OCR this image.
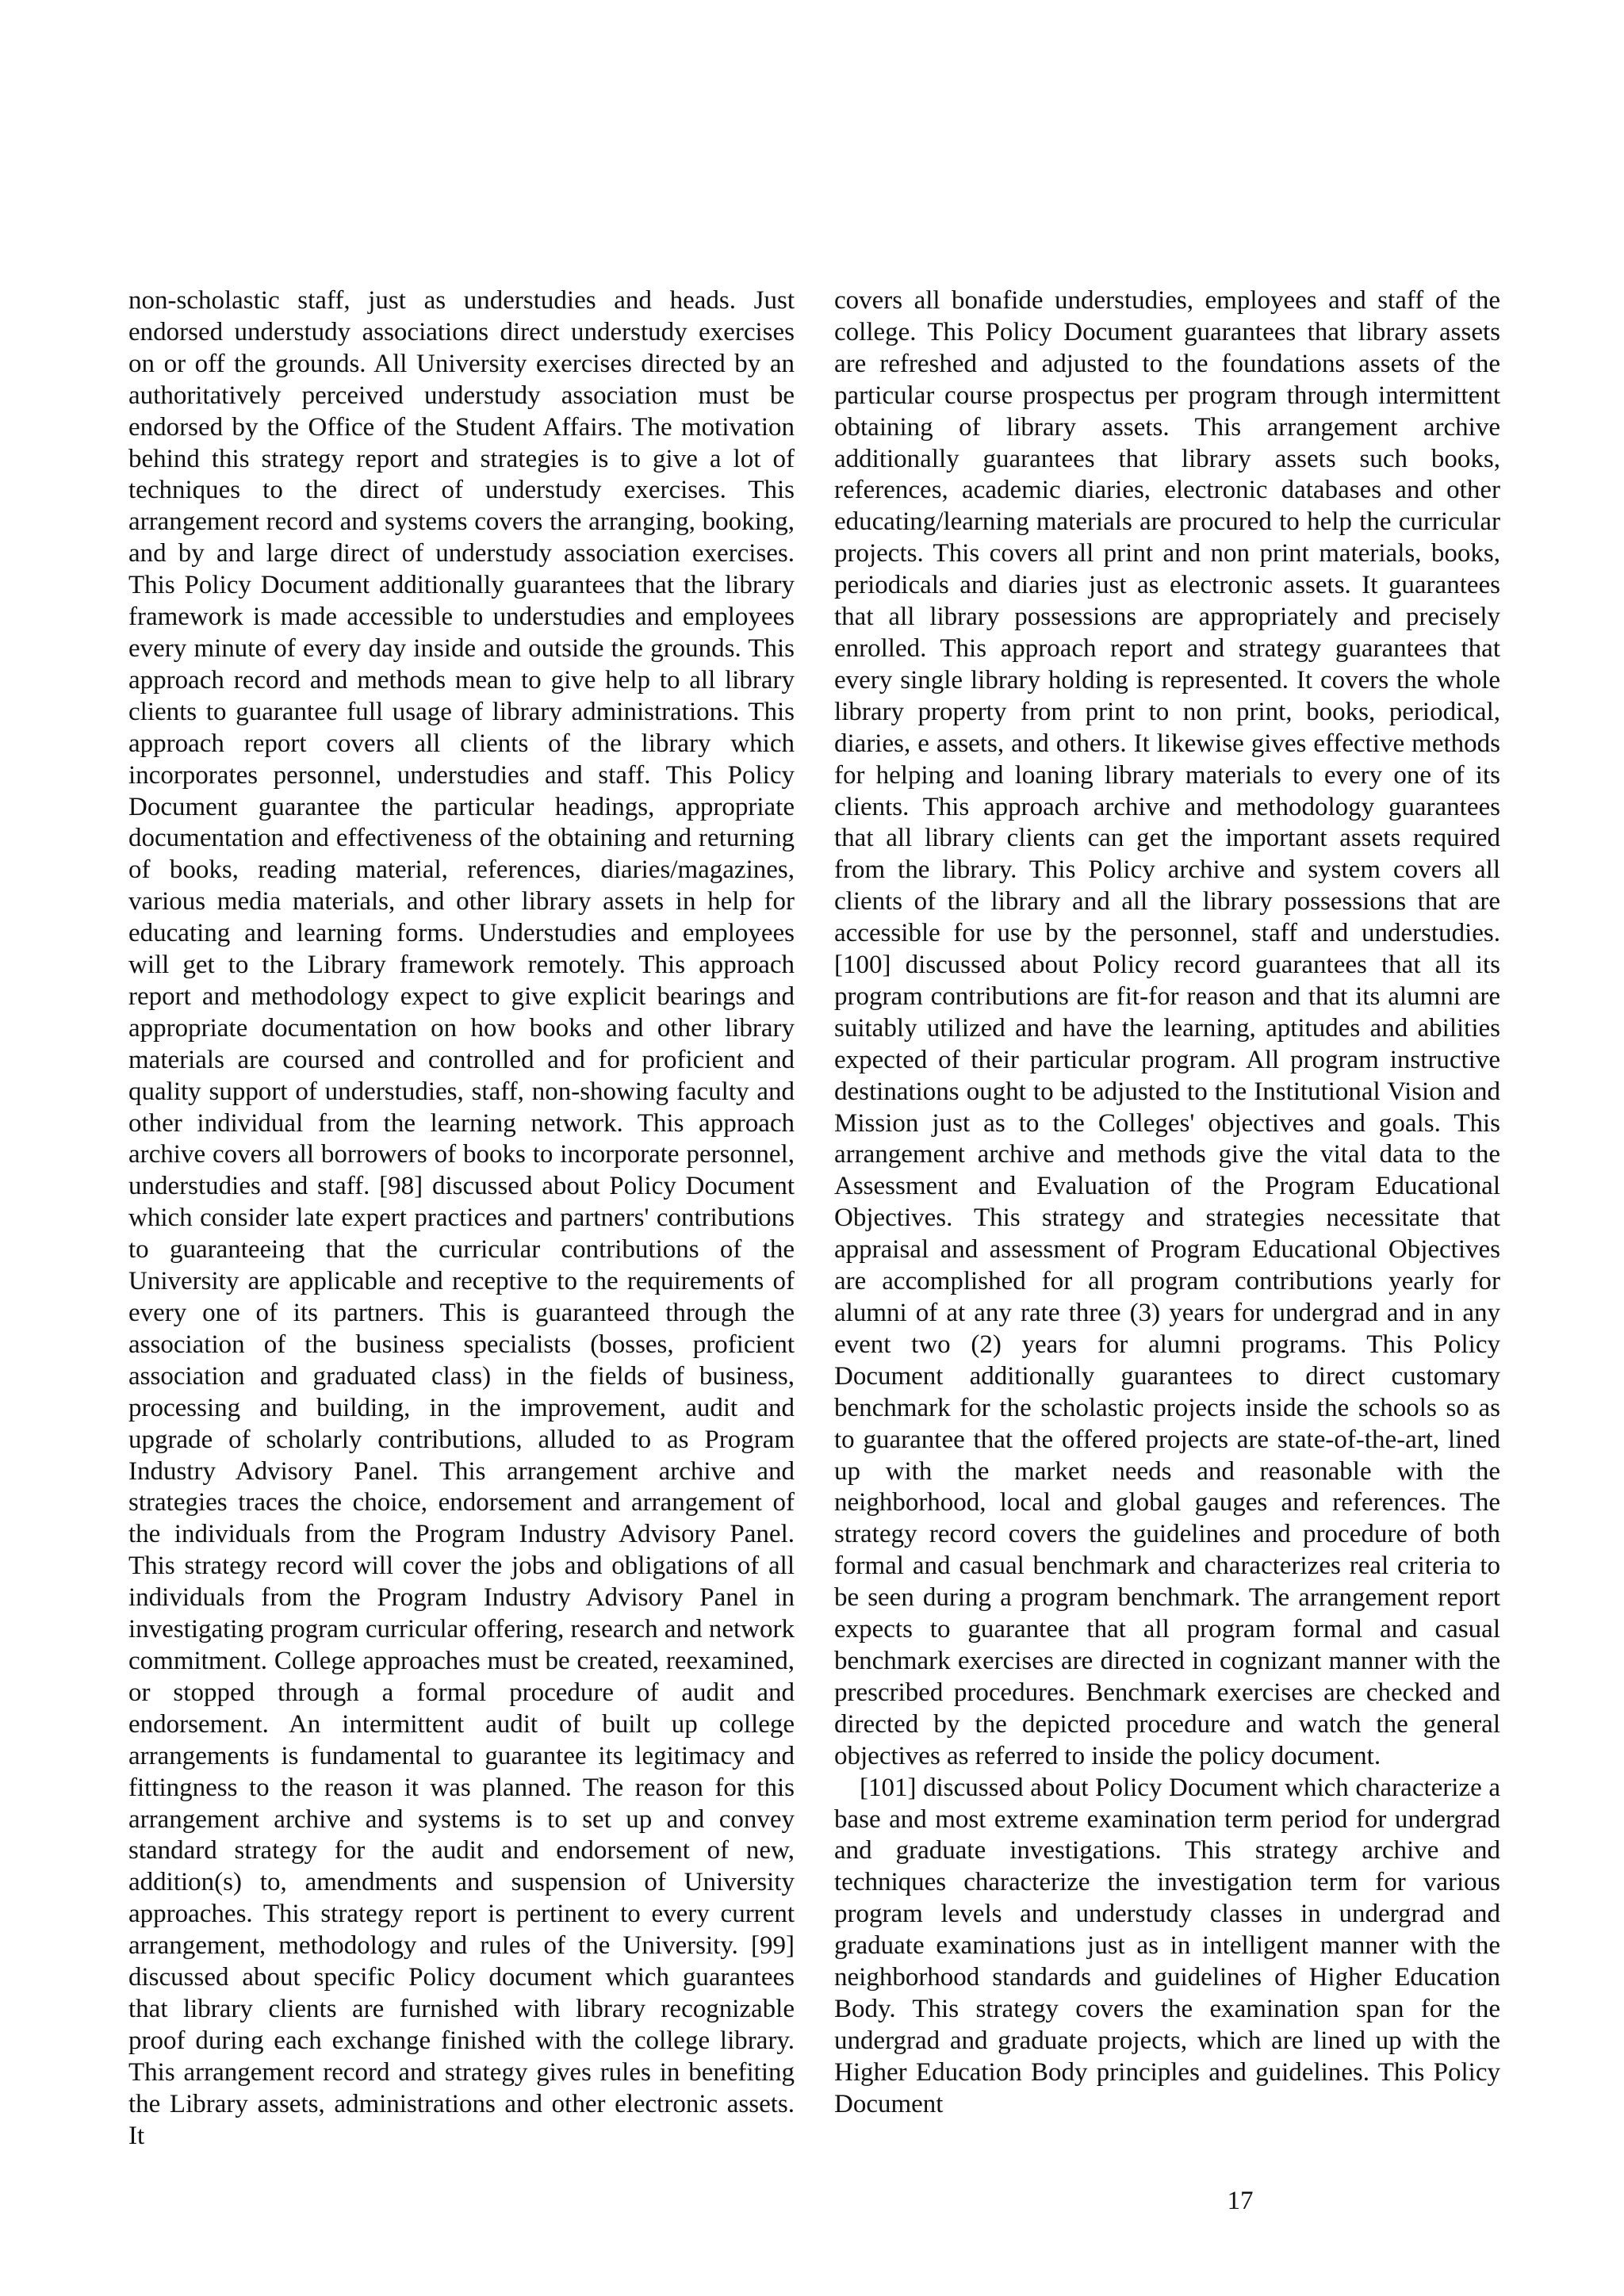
non-scholastic staff, just as understudies and heads. Just endorsed understudy associations direct understudy exercises on or off the grounds. All University exercises directed by an authoritatively perceived understudy association must be endorsed by the Office of the Student Affairs. The motivation behind this strategy report and strategies is to give a lot of techniques to the direct of understudy exercises. This arrangement record and systems covers the arranging, booking, and by and large direct of understudy association exercises. This Policy Document additionally guarantees that the library framework is made accessible to understudies and employees every minute of every day inside and outside the grounds. This approach record and methods mean to give help to all library clients to guarantee full usage of library administrations. This approach report covers all clients of the library which incorporates personnel, understudies and staff. This Policy Document guarantee the particular headings, appropriate documentation and effectiveness of the obtaining and returning of books, reading material, references, diaries/magazines, various media materials, and other library assets in help for educating and learning forms. Understudies and employees will get to the Library framework remotely. This approach report and methodology expect to give explicit bearings and appropriate documentation on how books and other library materials are coursed and controlled and for proficient and quality support of understudies, staff, non-showing faculty and other individual from the learning network. This approach archive covers all borrowers of books to incorporate personnel, understudies and staff. [98] discussed about Policy Document which consider late expert practices and partners' contributions to guaranteeing that the curricular contributions of the University are applicable and receptive to the requirements of every one of its partners. This is guaranteed through the association of the business specialists (bosses, proficient association and graduated class) in the fields of business, processing and building, in the improvement, audit and upgrade of scholarly contributions, alluded to as Program Industry Advisory Panel. This arrangement archive and strategies traces the choice, endorsement and arrangement of the individuals from the Program Industry Advisory Panel. This strategy record will cover the jobs and obligations of all individuals from the Program Industry Advisory Panel in investigating program curricular offering, research and network commitment. College approaches must be created, reexamined, or stopped through a formal procedure of audit and endorsement. An intermittent audit of built up college arrangements is fundamental to guarantee its legitimacy and fittingness to the reason it was planned. The reason for this arrangement archive and systems is to set up and convey standard strategy for the audit and endorsement of new, addition(s) to, amendments and suspension of University approaches. This strategy report is pertinent to every current arrangement, methodology and rules of the University. [99] discussed about specific Policy document which guarantees that library clients are furnished with library recognizable proof during each exchange finished with the college library. This arrangement record and strategy gives rules in benefiting the Library assets, administrations and other electronic assets. It

covers all bonafide understudies, employees and staff of the college. This Policy Document guarantees that library assets are refreshed and adjusted to the foundations assets of the particular course prospectus per program through intermittent obtaining of library assets. This arrangement archive additionally guarantees that library assets such books, references, academic diaries, electronic databases and other educating/learning materials are procured to help the curricular projects. This covers all print and non print materials, books, periodicals and diaries just as electronic assets. It guarantees that all library possessions are appropriately and precisely enrolled. This approach report and strategy guarantees that every single library holding is represented. It covers the whole library property from print to non print, books, periodical, diaries, e assets, and others. It likewise gives effective methods for helping and loaning library materials to every one of its clients. This approach archive and methodology guarantees that all library clients can get the important assets required from the library. This Policy archive and system covers all clients of the library and all the library possessions that are accessible for use by the personnel, staff and understudies. [100] discussed about Policy record guarantees that all its program contributions are fit-for reason and that its alumni are suitably utilized and have the learning, aptitudes and abilities expected of their particular program. All program instructive destinations ought to be adjusted to the Institutional Vision and Mission just as to the Colleges' objectives and goals. This arrangement archive and methods give the vital data to the Assessment and Evaluation of the Program Educational Objectives. This strategy and strategies necessitate that appraisal and assessment of Program Educational Objectives are accomplished for all program contributions yearly for alumni of at any rate three (3) years for undergrad and in any event two (2) years for alumni programs. This Policy Document additionally guarantees to direct customary benchmark for the scholastic projects inside the schools so as to guarantee that the offered projects are state-of-the-art, lined up with the market needs and reasonable with the neighborhood, local and global gauges and references. The strategy record covers the guidelines and procedure of both formal and casual benchmark and characterizes real criteria to be seen during a program benchmark. The arrangement report expects to guarantee that all program formal and casual benchmark exercises are directed in cognizant manner with the prescribed procedures. Benchmark exercises are checked and directed by the depicted procedure and watch the general objectives as referred to inside the policy document.

[101] discussed about Policy Document which characterize a base and most extreme examination term period for undergrad and graduate investigations. This strategy archive and techniques characterize the investigation term for various program levels and understudy classes in undergrad and graduate examinations just as in intelligent manner with the neighborhood standards and guidelines of Higher Education Body. This strategy covers the examination span for the undergrad and graduate projects, which are lined up with the Higher Education Body principles and guidelines. This Policy Document

17
